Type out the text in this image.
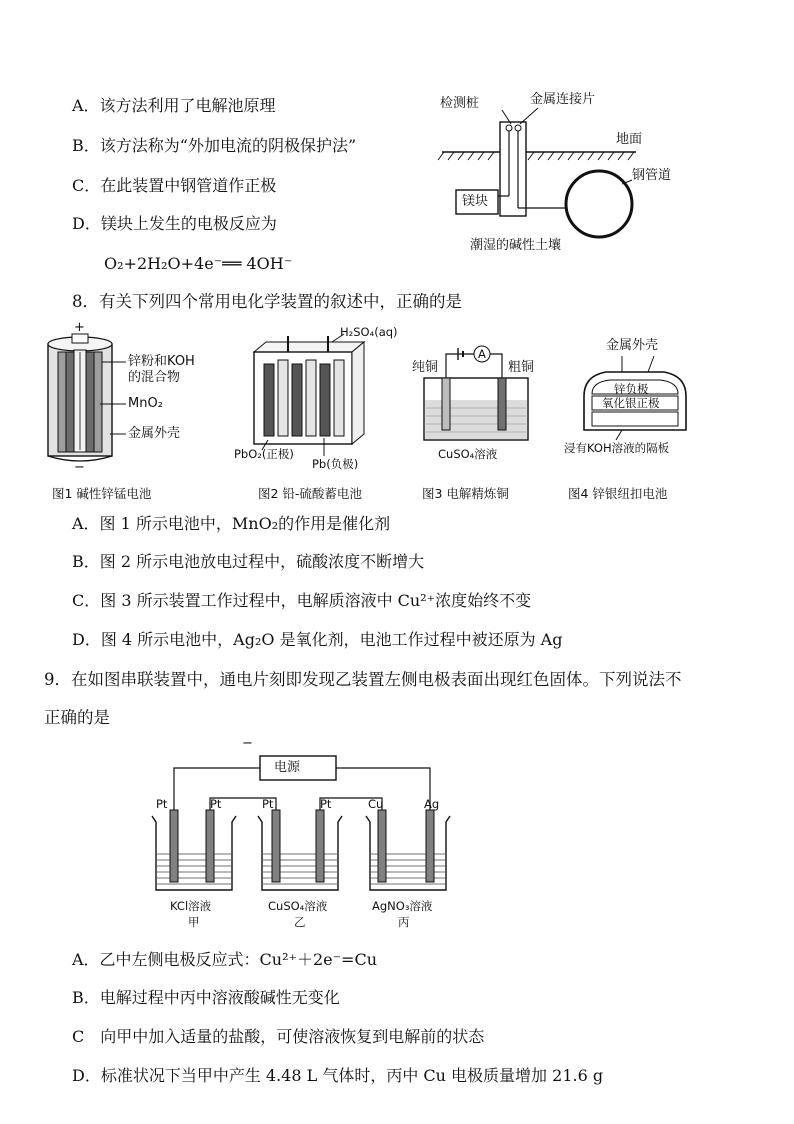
A．该方法利用了电解池原理
B．该方法称为“外加电流的阴极保护法”
C．在此装置中钢管道作正极
D．镁块上发生的电极反应为
O₂+2H₂O+4e⁻══ 4OH⁻
检测桩	金属连接片
地面
钢管道
镁块
潮湿的碱性土壤
8．有关下列四个常用电化学装置的叙述中，正确的是
+
−
锌粉和KOH
的混合物
MnO₂
金属外壳
图1 碱性锌锰电池
H₂SO₄(aq)
PbO₂(正极)
Pb(负极)
图2 铅-硫酸蓄电池
A
纯铜	粗铜
CuSO₄溶液
图3 电解精炼铜
金属外壳
锌负极
氧化银正极
浸有KOH溶液的隔板
图4 锌银纽扣电池
A．图 1 所示电池中，MnO₂的作用是催化剂
B．图 2 所示电池放电过程中，硫酸浓度不断增大
C．图 3 所示装置工作过程中，电解质溶液中 Cu²⁺浓度始终不变
D．图 4 所示电池中，Ag₂O 是氧化剂，电池工作过程中被还原为 Ag
9．在如图串联装置中，通电片刻即发现乙装置左侧电极表面出现红色固体。下列说法不
正确的是
电源
−
Pt	Pt	Pt	Pt	Cu	Ag
KCl溶液	CuSO₄溶液	AgNO₃溶液
甲	乙	丙
A．乙中左侧电极反应式：Cu²⁺＋2e⁻=Cu
B．电解过程中丙中溶液酸碱性无变化
C　向甲中加入适量的盐酸，可使溶液恢复到电解前的状态
D．标准状况下当甲中产生 4.48 L 气体时，丙中 Cu 电极质量增加 21.6 g
